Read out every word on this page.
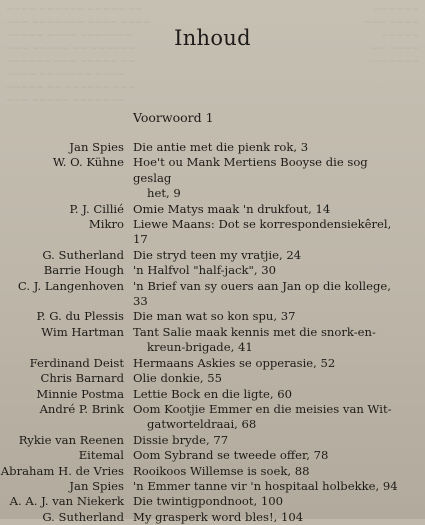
~~~~ ~~~~~~ ~~~~~ ~~
~~~ ~~~~~~~ ~~~~ ~~~~
~~~~~ ~~~~ ~~~~~~~
~~~ ~~~~~ ~~ ~~~~~~
~~~~~~ ~~~ ~~~~~ ~~
~~~~ ~~~~~~~ ~~~~
~~~~~ ~~ ~~~~~~ ~~~
~~~ ~~~~~ ~~~~~~~
~~~~~~
~~~ ~~~~
~~~~~
~~ ~~~~
~~~~~~~
Inhoud
Voorwoord 1
Jan Spies Die antie met die pienk rok, 3
W. O. Kühne Hoe't ou Mank Mertiens Booyse die sog geslag
het, 9
P. J. Cillié Omie Matys maak 'n drukfout, 14
Mikro Liewe Maans: Dot se korrespondensiekêrel, 17
G. Sutherland Die stryd teen my vratjie, 24
Barrie Hough 'n Halfvol "half-jack", 30
C. J. Langenhoven 'n Brief van sy ouers aan Jan op die kollege, 33
P. G. du Plessis Die man wat so kon spu, 37
Wim Hartman Tant Salie maak kennis met die snork-en-
kreun-brigade, 41
Ferdinand Deist Hermaans Askies se opperasie, 52
Chris Barnard Olie donkie, 55
Minnie Postma Lettie Bock en die ligte, 60
André P. Brink Oom Kootjie Emmer en die meisies van Wit-
gatworteldraai, 68
Rykie van Reenen Dissie bryde, 77
Eitemal Oom Sybrand se tweede offer, 78
Abraham H. de Vries Rooikoos Willemse is soek, 88
Jan Spies 'n Emmer tanne vir 'n hospitaal holbekke, 94
A. A. J. van Niekerk Die twintigpondnoot, 100
G. Sutherland My grasperk word bles!, 104
